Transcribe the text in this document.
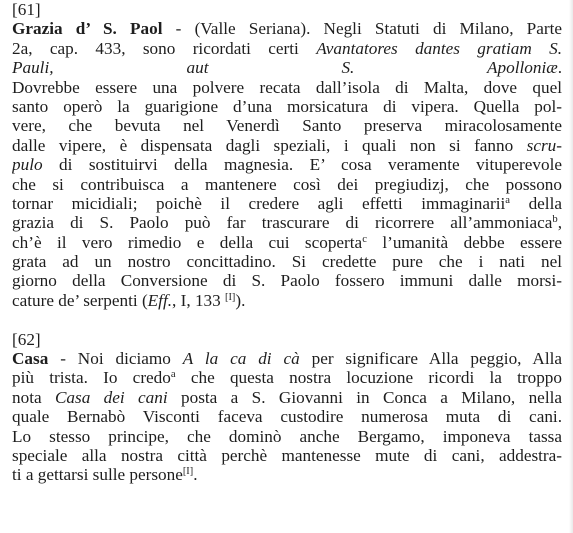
[61]
Grazia d’ S. Paol - (Valle Seriana). Negli Statuti di Milano, Parte
2a, cap. 433, sono ricordati certi Avantatores dantes gratiam S.
Pauli, aut S. Apolloniæ.
Dovrebbe essere una polvere recata dall’isola di Malta, dove quel
santo operò la guarigione d’una morsicatura di vipera. Quella pol-
vere, che bevuta nel Venerdì Santo preserva miracolosamente
dalle vipere, è dispensata dagli speziali, i quali non si fanno scru-
pulo di sostituirvi della magnesia. E’ cosa veramente vituperevole
che si contribuisca a mantenere così dei pregiudizj, che possono
tornar micidiali; poichè il credere agli effetti immaginarii$^a$ della
grazia di S. Paolo può far trascurare di ricorrere all’ammoniaca$^b$,
ch’è il vero rimedio e della cui scoperta$^c$ l’umanità debbe essere
grata ad un nostro concittadino. Si credette pure che i nati nel
giorno della Conversione di S. Paolo fossero immuni dalle morsi-
cature de’ serpenti (Eff., I, 133 [I]).
[62]
Casa - Noi diciamo A la ca di cà per significare Alla peggio, Alla
più trista. Io credo$^a$ che questa nostra locuzione ricordi la troppo
nota Casa dei cani posta a S. Giovanni in Conca a Milano, nella
quale Bernabò Visconti faceva custodire numerosa muta di cani.
Lo stesso principe, che dominò anche Bergamo, imponeva tassa
speciale alla nostra città perchè mantenesse mute di cani, addestra-
ti a gettarsi sulle persone[I].
